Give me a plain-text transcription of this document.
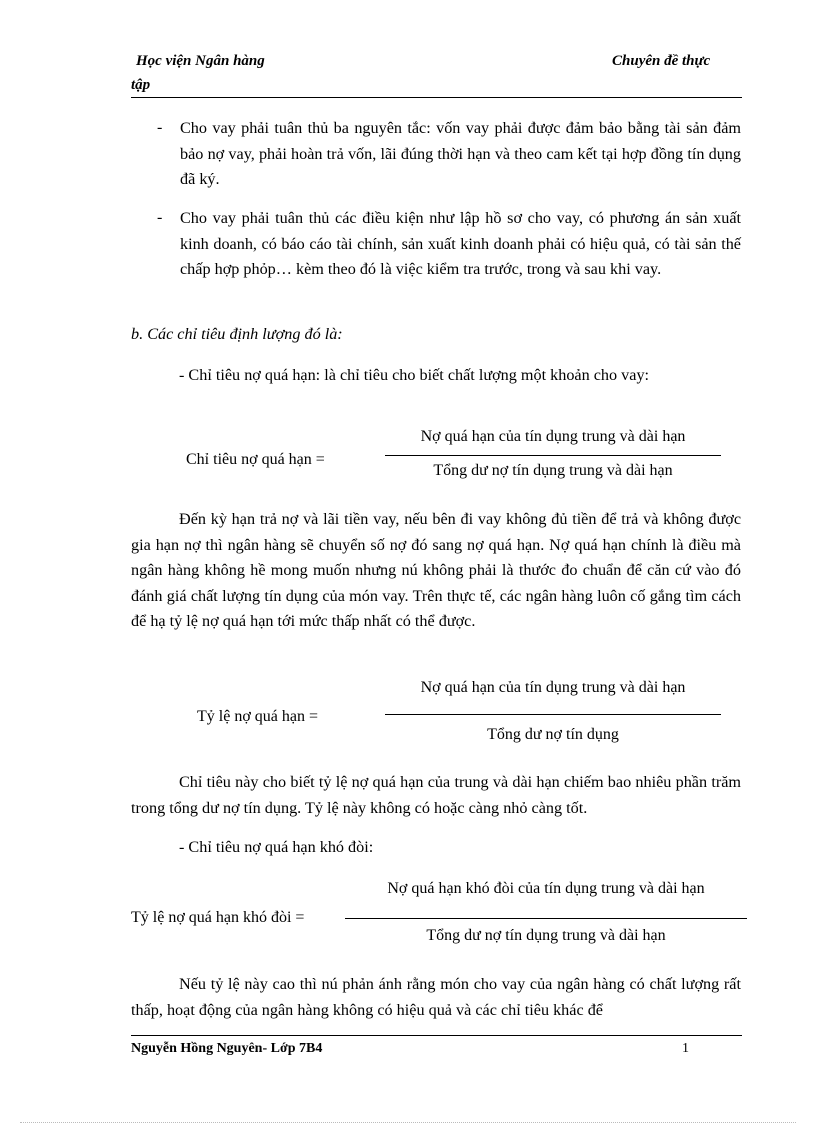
Học viện Ngân hàng
tập
Chuyên đề thực
- Cho vay phải tuân thủ ba nguyên tắc: vốn vay phải được đảm bảo bằng tài sản đảm bảo nợ vay, phải hoàn trả vốn, lãi đúng thời hạn và theo cam kết tại hợp đồng tín dụng đã ký.
- Cho vay phải tuân thủ các điều kiện như lập hồ sơ cho vay, có phương án sản xuất kinh doanh, có báo cáo tài chính, sản xuất kinh doanh phải có hiệu quả, có tài sản thế chấp hợp phỏp… kèm theo đó là việc kiểm tra trước, trong và sau khi vay.
b. Các chỉ tiêu định lượng đó là:
- Chỉ tiêu nợ quá hạn: là chỉ tiêu cho biết chất lượng một khoản cho vay:
Chỉ tiêu nợ quá hạn =
Nợ quá hạn của tín dụng trung và dài hạn
Tổng dư nợ tín dụng trung và dài hạn
Đến kỳ hạn trả nợ và lãi tiền vay, nếu bên đi vay không đủ tiền để trả và không được gia hạn nợ thì ngân hàng sẽ chuyển số nợ đó sang nợ quá hạn. Nợ quá hạn chính là điều mà ngân hàng không hề mong muốn nhưng nú không phải là thước đo chuẩn để căn cứ vào đó đánh giá chất lượng tín dụng của món vay. Trên thực tế, các ngân hàng luôn cố gắng tìm cách để hạ tỷ lệ nợ quá hạn tới mức thấp nhất có thể được.
Tỷ lệ nợ quá hạn =
Nợ quá hạn của tín dụng trung và dài hạn
Tổng dư nợ tín dụng
Chỉ tiêu này cho biết tỷ lệ nợ quá hạn của trung và dài hạn chiếm bao nhiêu phần trăm trong tổng dư nợ tín dụng. Tỷ lệ này không có hoặc càng nhỏ càng tốt.
- Chỉ tiêu nợ quá hạn khó đòi:
Tỷ lệ nợ quá hạn khó đòi =
Nợ quá hạn khó đòi của tín dụng trung và dài hạn
Tổng dư nợ tín dụng trung và dài hạn
Nếu tỷ lệ này cao thì nú phản ánh rằng món cho vay của ngân hàng có chất lượng rất thấp, hoạt động của ngân hàng không có hiệu quả và các chỉ tiêu khác để
Nguyễn Hồng Nguyên- Lớp 7B4	1
